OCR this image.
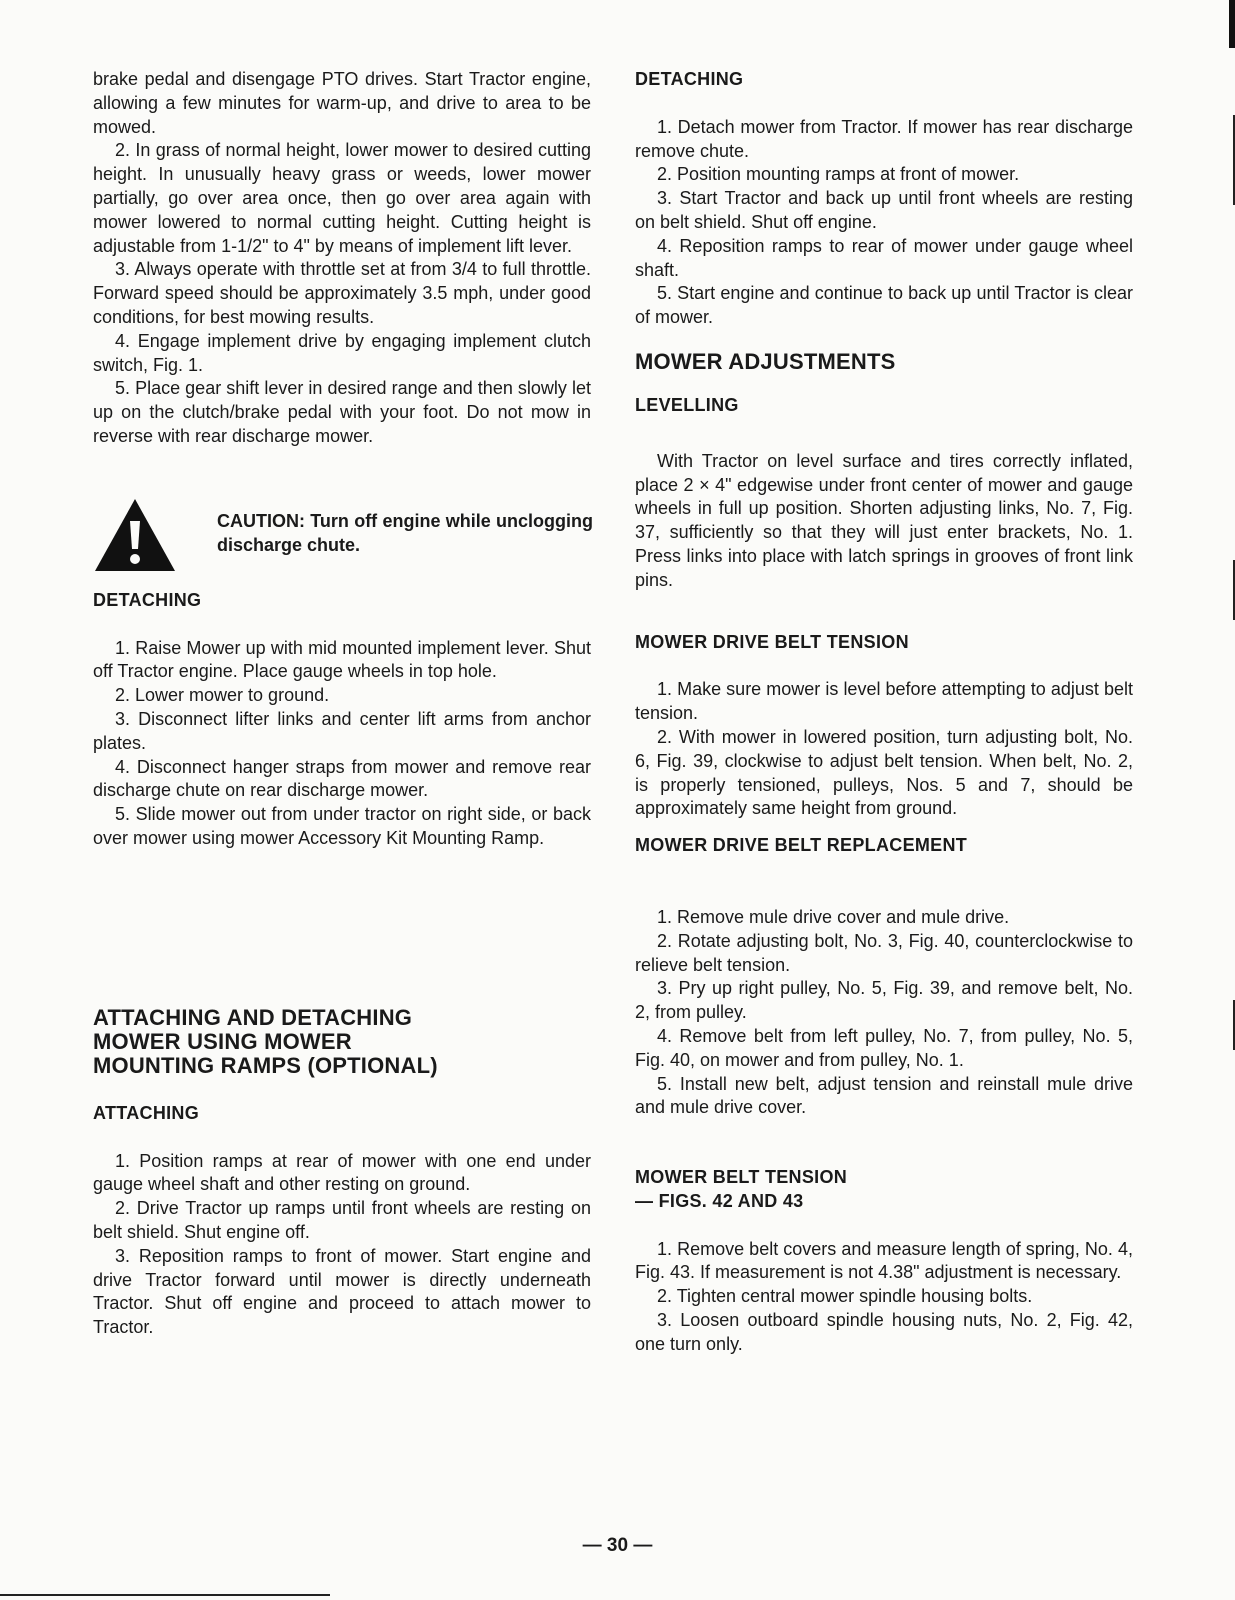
brake pedal and disengage PTO drives. Start Tractor engine, allowing a few minutes for warm-up, and drive to area to be mowed.

2. In grass of normal height, lower mower to desired cutting height. In unusually heavy grass or weeds, lower mower partially, go over area once, then go over area again with mower lowered to normal cutting height. Cutting height is adjustable from 1-1/2" to 4" by means of implement lift lever.

3. Always operate with throttle set at from 3/4 to full throttle. Forward speed should be approximately 3.5 mph, under good conditions, for best mowing results.

4. Engage implement drive by engaging implement clutch switch, Fig. 1.

5. Place gear shift lever in desired range and then slowly let up on the clutch/brake pedal with your foot. Do not mow in reverse with rear discharge mower.

CAUTION: Turn off engine while unclogging discharge chute.
DETACHING

1. Raise Mower up with mid mounted implement lever. Shut off Tractor engine. Place gauge wheels in top hole.

2. Lower mower to ground.

3. Disconnect lifter links and center lift arms from anchor plates.

4. Disconnect hanger straps from mower and remove rear discharge chute on rear discharge mower.

5. Slide mower out from under tractor on right side, or back over mower using mower Accessory Kit Mounting Ramp.

ATTACHING AND DETACHING
MOWER USING MOWER
MOUNTING RAMPS (OPTIONAL)
ATTACHING

1. Position ramps at rear of mower with one end under gauge wheel shaft and other resting on ground.

2. Drive Tractor up ramps until front wheels are resting on belt shield. Shut engine off.

3. Reposition ramps to front of mower. Start engine and drive Tractor forward until mower is directly underneath Tractor. Shut off engine and proceed to attach mower to Tractor.

DETACHING

1. Detach mower from Tractor. If mower has rear discharge remove chute.

2. Position mounting ramps at front of mower.

3. Start Tractor and back up until front wheels are resting on belt shield. Shut off engine.

4. Reposition ramps to rear of mower under gauge wheel shaft.

5. Start engine and continue to back up until Tractor is clear of mower.

MOWER ADJUSTMENTS
LEVELLING

With Tractor on level surface and tires correctly inflated, place 2 × 4" edgewise under front center of mower and gauge wheels in full up position. Shorten adjusting links, No. 7, Fig. 37, sufficiently so that they will just enter brackets, No. 1. Press links into place with latch springs in grooves of front link pins.

MOWER DRIVE BELT TENSION

1. Make sure mower is level before attempting to adjust belt tension.

2. With mower in lowered position, turn adjusting bolt, No. 6, Fig. 39, clockwise to adjust belt tension. When belt, No. 2, is properly tensioned, pulleys, Nos. 5 and 7, should be approximately same height from ground.

MOWER DRIVE BELT REPLACEMENT

1. Remove mule drive cover and mule drive.

2. Rotate adjusting bolt, No. 3, Fig. 40, counterclockwise to relieve belt tension.

3. Pry up right pulley, No. 5, Fig. 39, and remove belt, No. 2, from pulley.

4. Remove belt from left pulley, No. 7, from pulley, No. 5, Fig. 40, on mower and from pulley, No. 1.

5. Install new belt, adjust tension and reinstall mule drive and mule drive cover.

MOWER BELT TENSION
— FIGS. 42 AND 43

1. Remove belt covers and measure length of spring, No. 4, Fig. 43. If measurement is not 4.38" adjustment is necessary.

2. Tighten central mower spindle housing bolts.

3. Loosen outboard spindle housing nuts, No. 2, Fig. 42, one turn only.

— 30 —
